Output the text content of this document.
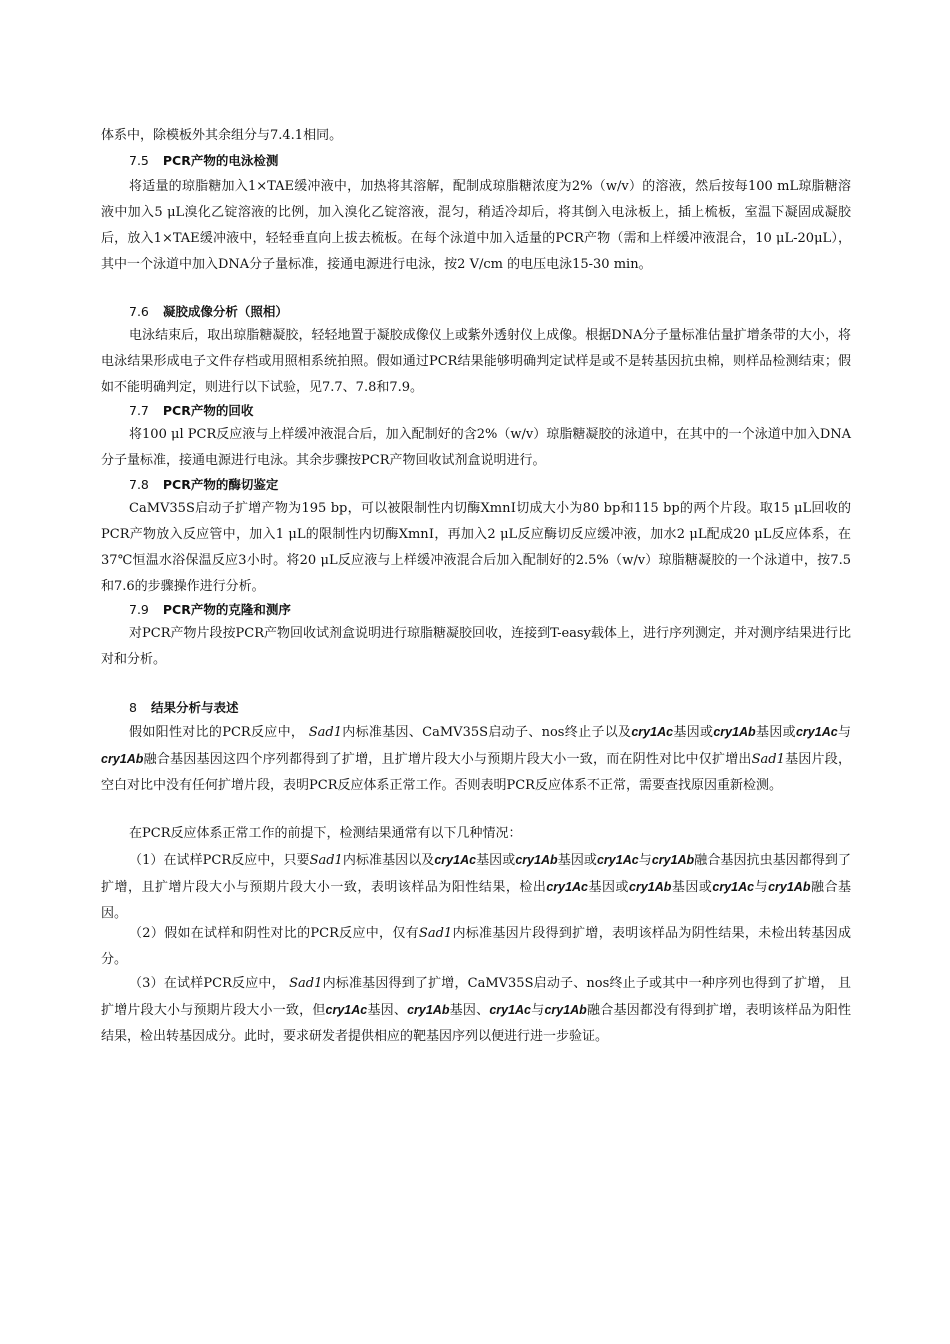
体系中，除模板外其余组分与7.4.1相同。

7.5 PCR产物的电泳检测

将适量的琼脂糖加入1×TAE缓冲液中，加热将其溶解，配制成琼脂糖浓度为2%（w/v）的溶液，然后按每100 mL琼脂糖溶液中加入5 μL溴化乙锭溶液的比例，加入溴化乙锭溶液，混匀，稍适冷却后，将其倒入电泳板上，插上梳板，室温下凝固成凝胶后，放入1×TAE缓冲液中，轻轻垂直向上拔去梳板。在每个泳道中加入适量的PCR产物（需和上样缓冲液混合，10 μL-20μL），其中一个泳道中加入DNA分子量标准，接通电源进行电泳，按2 V/cm 的电压电泳15-30 min。

7.6 凝胶成像分析（照相）

电泳结束后，取出琼脂糖凝胶，轻轻地置于凝胶成像仪上或紫外透射仪上成像。根据DNA分子量标准估量扩增条带的大小，将电泳结果形成电子文件存档或用照相系统拍照。假如通过PCR结果能够明确判定试样是或不是转基因抗虫棉，则样品检测结束；假如不能明确判定，则进行以下试验，见7.7、7.8和7.9。

7.7 PCR产物的回收

将100 μl PCR反应液与上样缓冲液混合后，加入配制好的含2%（w/v）琼脂糖凝胶的泳道中，在其中的一个泳道中加入DNA分子量标准，接通电源进行电泳。其余步骤按PCR产物回收试剂盒说明进行。

7.8 PCR产物的酶切鉴定

CaMV35S启动子扩增产物为195 bp，可以被限制性内切酶XmnⅠ切成大小为80 bp和115 bp的两个片段。取15 μL回收的PCR产物放入反应管中，加入1 μL的限制性内切酶XmnⅠ，再加入2 μL反应酶切反应缓冲液，加水2 μL配成20 μL反应体系，在37℃恒温水浴保温反应3小时。将20 μL反应液与上样缓冲液混合后加入配制好的2.5%（w/v）琼脂糖凝胶的一个泳道中，按7.5和7.6的步骤操作进行分析。

7.9 PCR产物的克隆和测序

对PCR产物片段按PCR产物回收试剂盒说明进行琼脂糖凝胶回收，连接到T-easy载体上，进行序列测定，并对测序结果进行比对和分析。

8 结果分析与表述

假如阳性对比的PCR反应中， Sad1内标准基因、CaMV35S启动子、nos终止子以及cry1Ac基因或cry1Ab基因或cry1Ac与cry1Ab融合基因基因这四个序列都得到了扩增，且扩增片段大小与预期片段大小一致，而在阴性对比中仅扩增出Sad1基因片段，空白对比中没有任何扩增片段，表明PCR反应体系正常工作。否则表明PCR反应体系不正常，需要查找原因重新检测。

在PCR反应体系正常工作的前提下，检测结果通常有以下几种情况：

（1）在试样PCR反应中，只要Sad1内标准基因以及cry1Ac基因或cry1Ab基因或cry1Ac与cry1Ab融合基因抗虫基因都得到了扩增，且扩增片段大小与预期片段大小一致，表明该样品为阳性结果，检出cry1Ac基因或cry1Ab基因或cry1Ac与cry1Ab融合基因。

（2）假如在试样和阴性对比的PCR反应中，仅有Sad1内标准基因片段得到扩增，表明该样品为阴性结果，未检出转基因成分。

（3）在试样PCR反应中， Sad1内标准基因得到了扩增，CaMV35S启动子、nos终止子或其中一种序列也得到了扩增， 且扩增片段大小与预期片段大小一致，但cry1Ac基因、cry1Ab基因、cry1Ac与cry1Ab融合基因都没有得到扩增，表明该样品为阳性结果，检出转基因成分。此时，要求研发者提供相应的靶基因序列以便进行进一步验证。
